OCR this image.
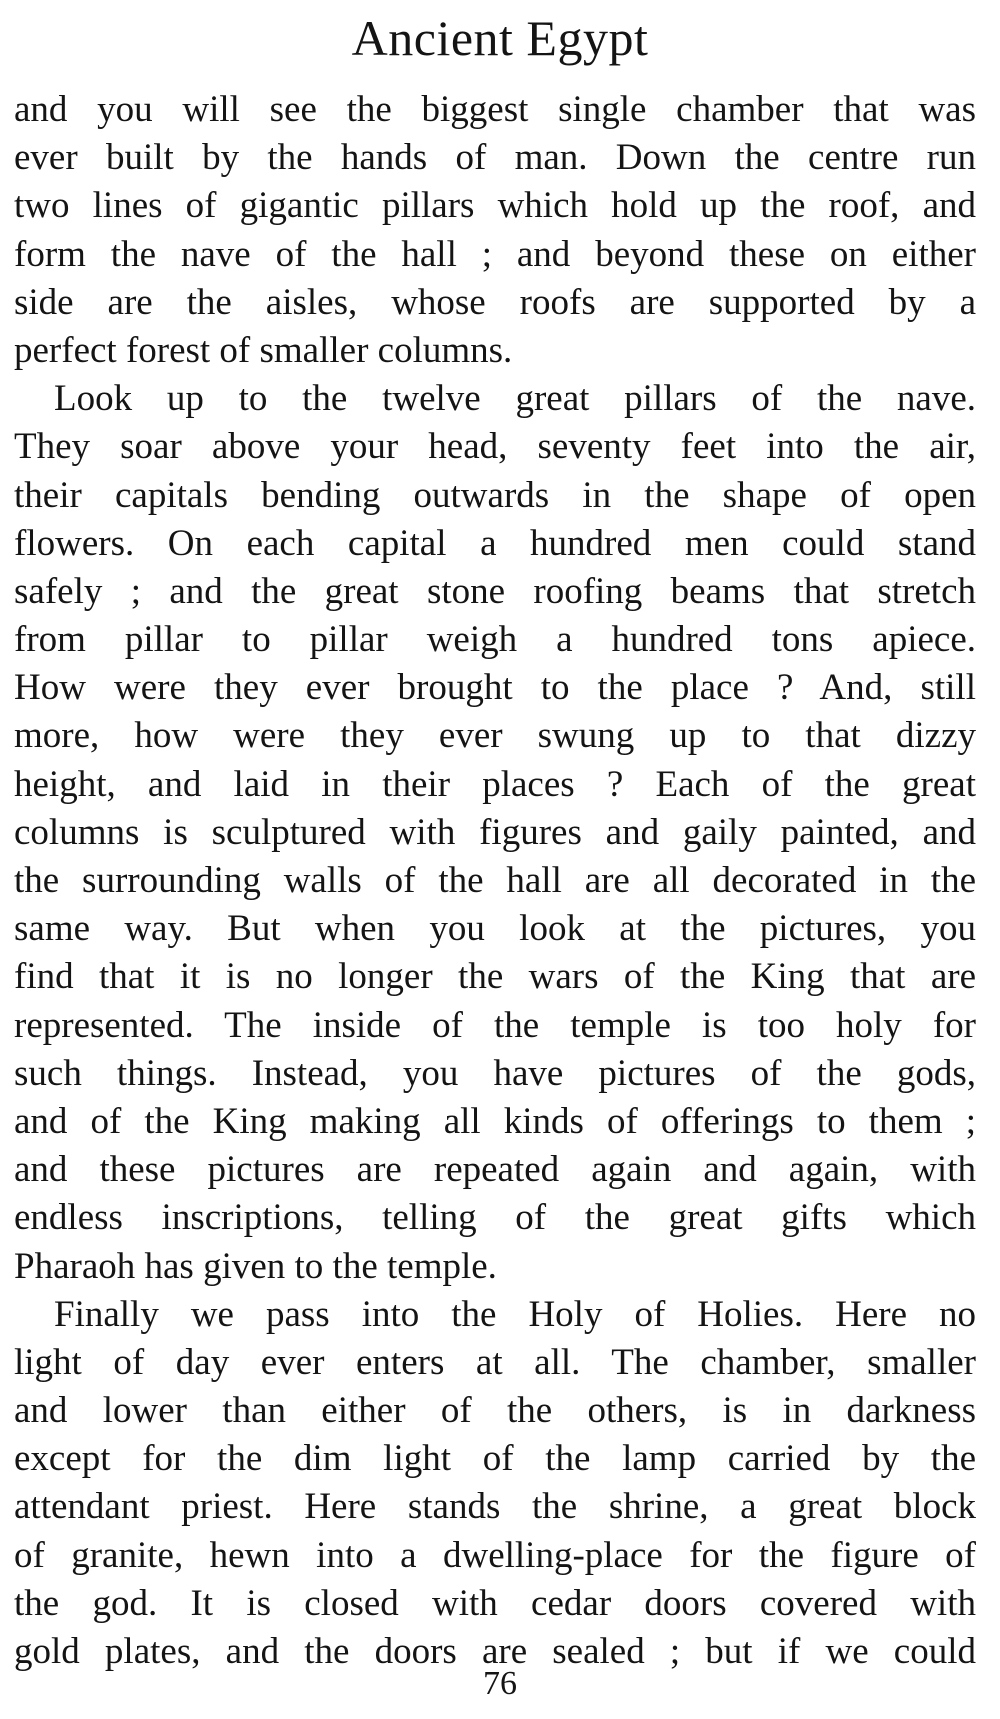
Ancient Egypt
and you will see the biggest single chamber that was
ever built by the hands of man. Down the centre run
two lines of gigantic pillars which hold up the roof, and
form the nave of the hall ; and beyond these on either
side are the aisles, whose roofs are supported by a
perfect forest of smaller columns.
Look up to the twelve great pillars of the nave.
They soar above your head, seventy feet into the air,
their capitals bending outwards in the shape of open
flowers. On each capital a hundred men could stand
safely ; and the great stone roofing beams that stretch
from pillar to pillar weigh a hundred tons apiece.
How were they ever brought to the place ? And, still
more, how were they ever swung up to that dizzy
height, and laid in their places ? Each of the great
columns is sculptured with figures and gaily painted, and
the surrounding walls of the hall are all decorated in the
same way. But when you look at the pictures, you
find that it is no longer the wars of the King that are
represented. The inside of the temple is too holy for
such things. Instead, you have pictures of the gods,
and of the King making all kinds of offerings to them ;
and these pictures are repeated again and again, with
endless inscriptions, telling of the great gifts which
Pharaoh has given to the temple.
Finally we pass into the Holy of Holies. Here no
light of day ever enters at all. The chamber, smaller
and lower than either of the others, is in darkness
except for the dim light of the lamp carried by the
attendant priest. Here stands the shrine, a great block
of granite, hewn into a dwelling-place for the figure of
the god. It is closed with cedar doors covered with
gold plates, and the doors are sealed ; but if we could
76
